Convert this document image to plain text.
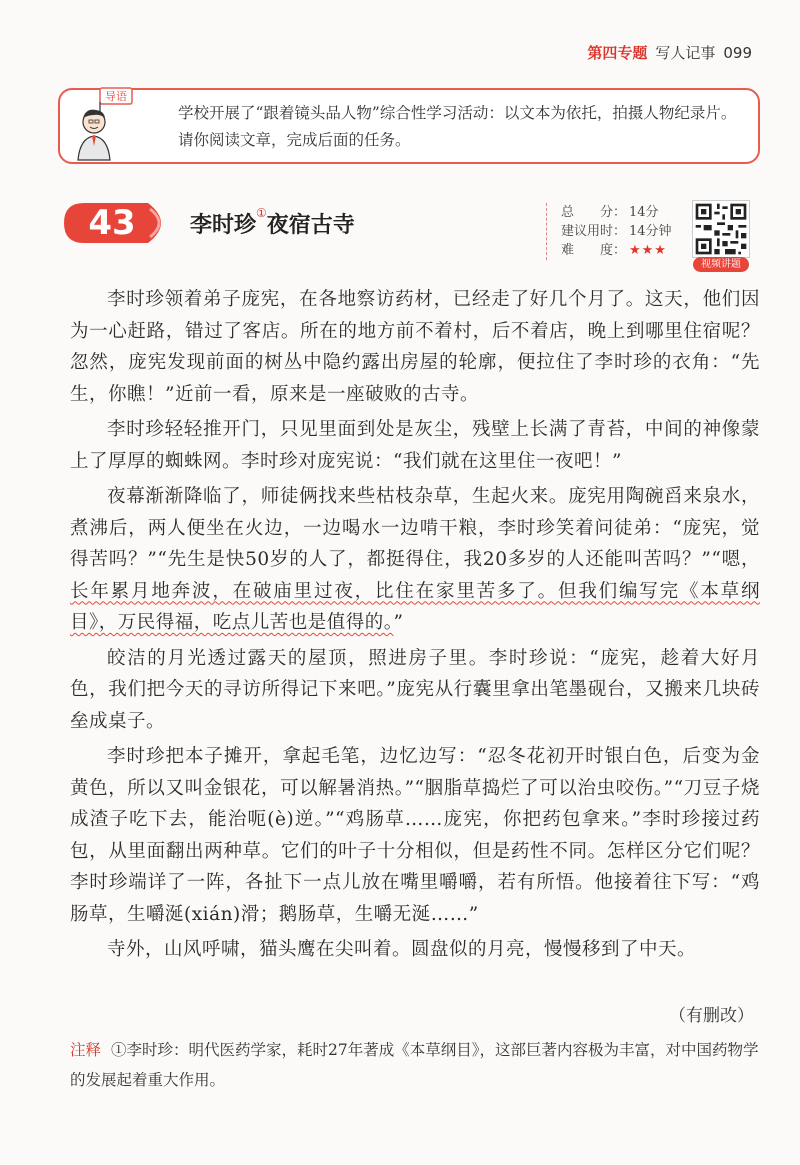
第四专题 写人记事 099
导语
学校开展了“跟着镜头品人物”综合性学习活动：以文本为依托，拍摄人物纪录片。请你阅读文章，完成后面的任务。
43	李时珍①夜宿古寺
总　　分： 14分
建议用时： 14分钟
难　　度： ★★★
视频讲题

李时珍领着弟子庞宪，在各地察访药材，已经走了好几个月了。这天，他们因为一心赶路，错过了客店。所在的地方前不着村，后不着店，晚上到哪里住宿呢？忽然，庞宪发现前面的树丛中隐约露出房屋的轮廓，便拉住了李时珍的衣角：“先生，你瞧！”近前一看，原来是一座破败的古寺。

李时珍轻轻推开门，只见里面到处是灰尘，残壁上长满了青苔，中间的神像蒙上了厚厚的蜘蛛网。李时珍对庞宪说：“我们就在这里住一夜吧！”

夜幕渐渐降临了，师徒俩找来些枯枝杂草，生起火来。庞宪用陶碗舀来泉水，煮沸后，两人便坐在火边，一边喝水一边啃干粮，李时珍笑着问徒弟：“庞宪，觉得苦吗？”“先生是快50岁的人了，都挺得住，我20多岁的人还能叫苦吗？”“嗯，长年累月地奔波，在破庙里过夜，比住在家里苦多了。但我们编写完《本草纲目》，万民得福，吃点儿苦也是值得的。”

皎洁的月光透过露天的屋顶，照进房子里。李时珍说：“庞宪，趁着大好月色，我们把今天的寻访所得记下来吧。”庞宪从行囊里拿出笔墨砚台，又搬来几块砖垒成桌子。

李时珍把本子摊开，拿起毛笔，边忆边写：“忍冬花初开时银白色，后变为金黄色，所以又叫金银花，可以解暑消热。”“胭脂草捣烂了可以治虫咬伤。”“刀豆子烧成渣子吃下去，能治呃(è)逆。”“鸡肠草……庞宪，你把药包拿来。”李时珍接过药包，从里面翻出两种草。它们的叶子十分相似，但是药性不同。怎样区分它们呢？李时珍端详了一阵，各扯下一点儿放在嘴里嚼嚼，若有所悟。他接着往下写：“鸡肠草，生嚼涎(xián)滑；鹅肠草，生嚼无涎……”

寺外，山风呼啸，猫头鹰在尖叫着。圆盘似的月亮，慢慢移到了中天。

（有删改）
注释 ①李时珍：明代医药学家，耗时27年著成《本草纲目》，这部巨著内容极为丰富，对中国药物学的发展起着重大作用。
